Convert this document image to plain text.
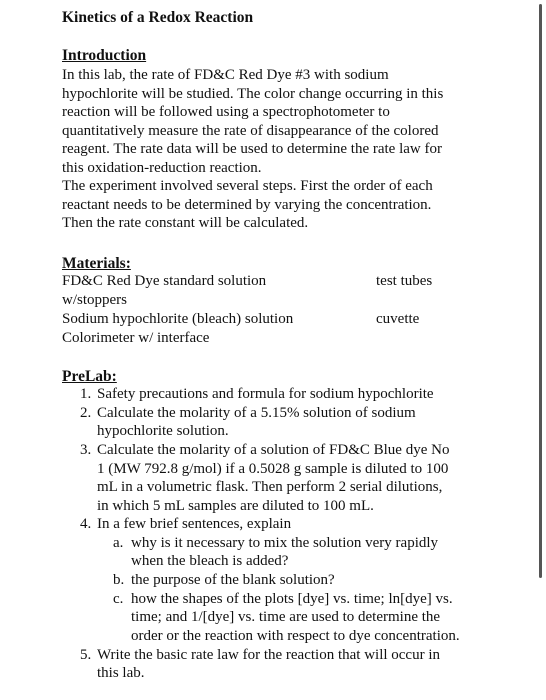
Kinetics of a Redox Reaction
Introduction
In this lab, the rate of FD&C Red Dye #3 with sodium
hypochlorite will be studied. The color change occurring in this
reaction will be followed using a spectrophotometer to
quantitatively measure the rate of disappearance of the colored
reagent. The rate data will be used to determine the rate law for
this oxidation-reduction reaction.
The experiment involved several steps. First the order of each
reactant needs to be determined by varying the concentration.
Then the rate constant will be calculated.
Materials:
FD&C Red Dye standard solution	test tubes
w/stoppers
Sodium hypochlorite (bleach) solution	cuvette
Colorimeter w/ interface
PreLab:
1. Safety precautions and formula for sodium hypochlorite
2. Calculate the molarity of a 5.15% solution of sodium
hypochlorite solution.
3. Calculate the molarity of a solution of FD&C Blue dye No
1 (MW 792.8 g/mol) if a 0.5028 g sample is diluted to 100
mL in a volumetric flask. Then perform 2 serial dilutions,
in which 5 mL samples are diluted to 100 mL.
4. In a few brief sentences, explain
a. why is it necessary to mix the solution very rapidly
when the bleach is added?
b. the purpose of the blank solution?
c. how the shapes of the plots [dye] vs. time; ln[dye] vs.
time; and 1/[dye] vs. time are used to determine the
order or the reaction with respect to dye concentration.
5. Write the basic rate law for the reaction that will occur in
this lab.
